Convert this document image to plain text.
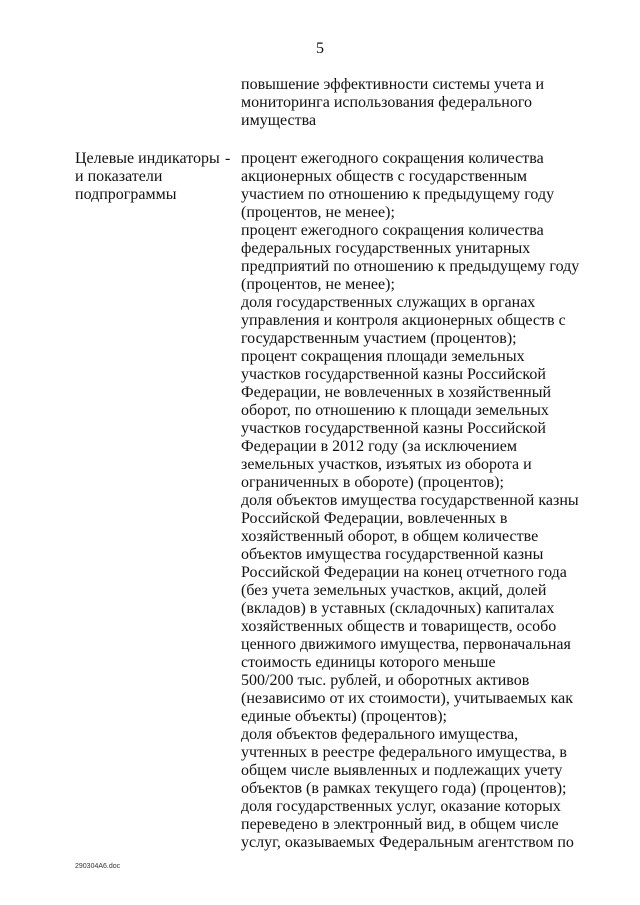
5
повышение эффективности системы учета и
мониторинга использования федерального
имущества
Целевые индикаторы
и показатели
подпрограммы
- процент ежегодного сокращения количества
акционерных обществ с государственным
участием по отношению к предыдущему году
(процентов, не менее);
процент ежегодного сокращения количества
федеральных государственных унитарных
предприятий по отношению к предыдущему году
(процентов, не менее);
доля государственных служащих в органах
управления и контроля акционерных обществ с
государственным участием (процентов);
процент сокращения площади земельных
участков государственной казны Российской
Федерации, не вовлеченных в хозяйственный
оборот, по отношению к площади земельных
участков государственной казны Российской
Федерации в 2012 году (за исключением
земельных участков, изъятых из оборота и
ограниченных в обороте) (процентов);
доля объектов имущества государственной казны
Российской Федерации, вовлеченных в
хозяйственный оборот, в общем количестве
объектов имущества государственной казны
Российской Федерации на конец отчетного года
(без учета земельных участков, акций, долей
(вкладов) в уставных (складочных) капиталах
хозяйственных обществ и товариществ, особо
ценного движимого имущества, первоначальная
стоимость единицы которого меньше
500/200 тыс. рублей, и оборотных активов
(независимо от их стоимости), учитываемых как
единые объекты) (процентов);
доля объектов федерального имущества,
учтенных в реестре федерального имущества, в
общем числе выявленных и подлежащих учету
объектов (в рамках текущего года) (процентов);
доля государственных услуг, оказание которых
переведено в электронный вид, в общем числе
услуг, оказываемых Федеральным агентством по
290304A6.doc
